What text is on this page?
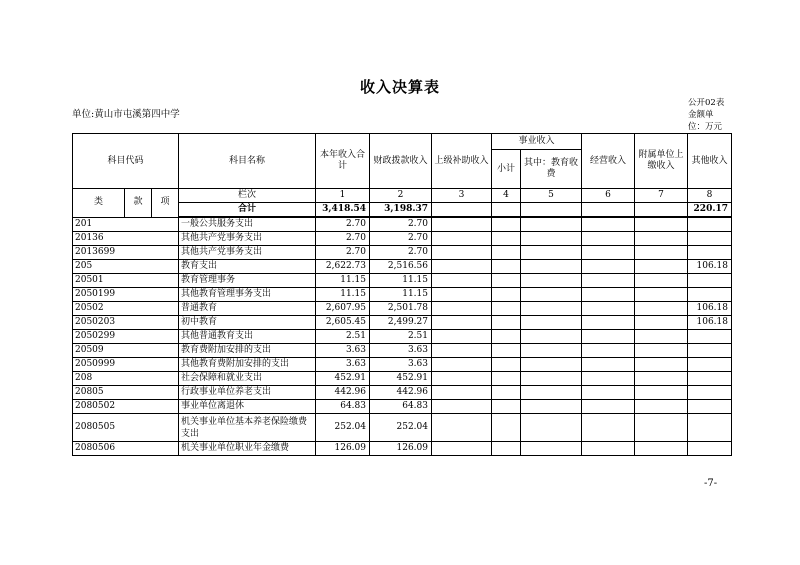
收入决算表
单位:黄山市屯溪第四中学
公开02表
金额单位：万元
科目代码			科目名称	本年收入合计	财政拨款收入	上级补助收入	事业收入		经营收入	附属单位上缴收入	其他收入
							小计	其中：教育收费			
类	款	项	栏次	1	2	3	4	5	6	7	8
			合计	3,418.54	3,198.37						220.17
201			一般公共服务支出	2.70	2.70						
20136			其他共产党事务支出	2.70	2.70						
2013699			其他共产党事务支出	2.70	2.70						
205			教育支出	2,622.73	2,516.56						106.18
20501			教育管理事务	11.15	11.15						
2050199			其他教育管理事务支出	11.15	11.15						
20502			普通教育	2,607.95	2,501.78						106.18
2050203			初中教育	2,605.45	2,499.27						106.18
2050299			其他普通教育支出	2.51	2.51						
20509			教育费附加安排的支出	3.63	3.63						
2050999			其他教育费附加安排的支出	3.63	3.63						
208			社会保障和就业支出	452.91	452.91						
20805			行政事业单位养老支出	442.96	442.96						
2080502			事业单位离退休	64.83	64.83						
2080505			机关事业单位基本养老保险缴费支出	252.04	252.04						
2080506			机关事业单位职业年金缴费	126.09	126.09						
-7-
